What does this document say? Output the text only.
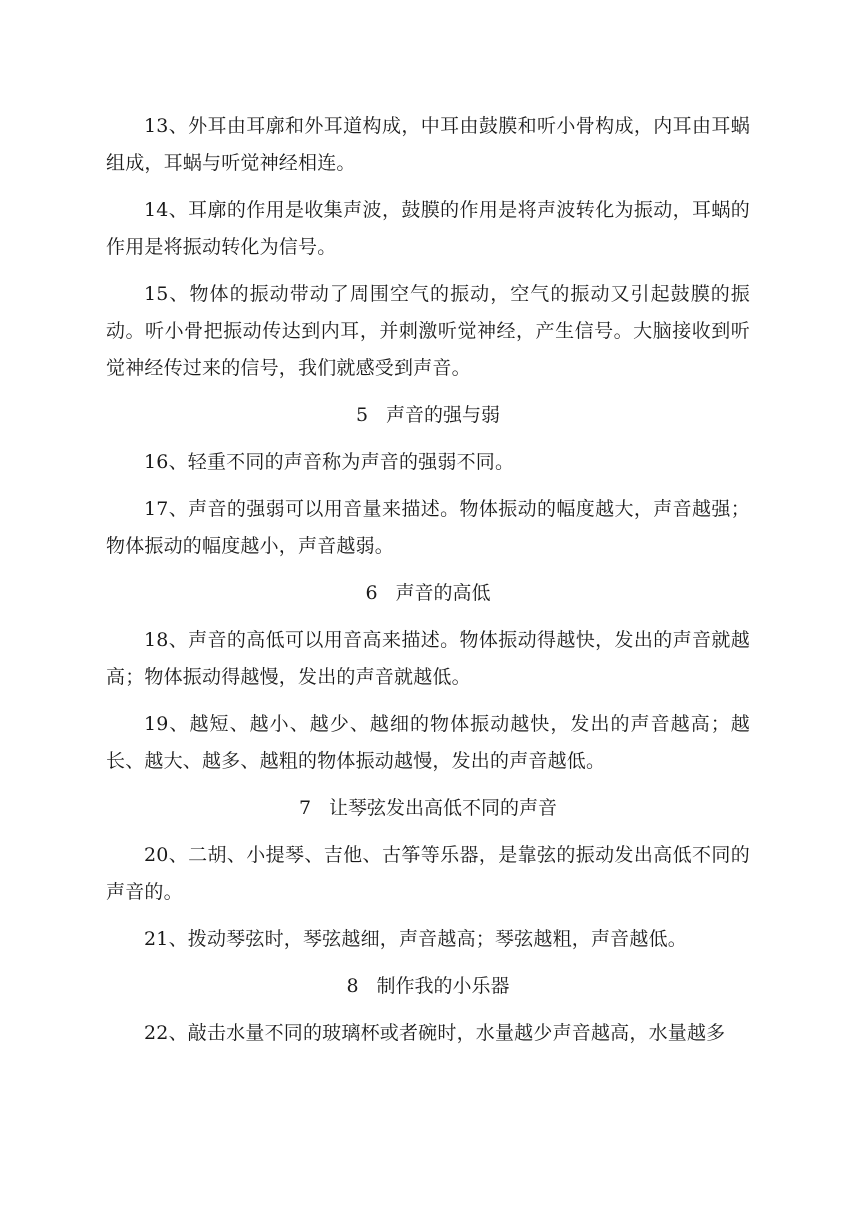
13、外耳由耳廓和外耳道构成，中耳由鼓膜和听小骨构成，内耳由耳蜗组成，耳蜗与听觉神经相连。

14、耳廓的作用是收集声波，鼓膜的作用是将声波转化为振动，耳蜗的作用是将振动转化为信号。

15、物体的振动带动了周围空气的振动，空气的振动又引起鼓膜的振动。听小骨把振动传达到内耳，并刺激听觉神经，产生信号。大脑接收到听觉神经传过来的信号，我们就感受到声音。

5 声音的强与弱

16、轻重不同的声音称为声音的强弱不同。

17、声音的强弱可以用音量来描述。物体振动的幅度越大，声音越强；物体振动的幅度越小，声音越弱。

6 声音的高低

18、声音的高低可以用音高来描述。物体振动得越快，发出的声音就越高；物体振动得越慢，发出的声音就越低。

19、越短、越小、越少、越细的物体振动越快，发出的声音越高；越长、越大、越多、越粗的物体振动越慢，发出的声音越低。

7 让琴弦发出高低不同的声音

20、二胡、小提琴、吉他、古筝等乐器，是靠弦的振动发出高低不同的声音的。

21、拨动琴弦时，琴弦越细，声音越高；琴弦越粗，声音越低。

8 制作我的小乐器

22、敲击水量不同的玻璃杯或者碗时，水量越少声音越高，水量越多
